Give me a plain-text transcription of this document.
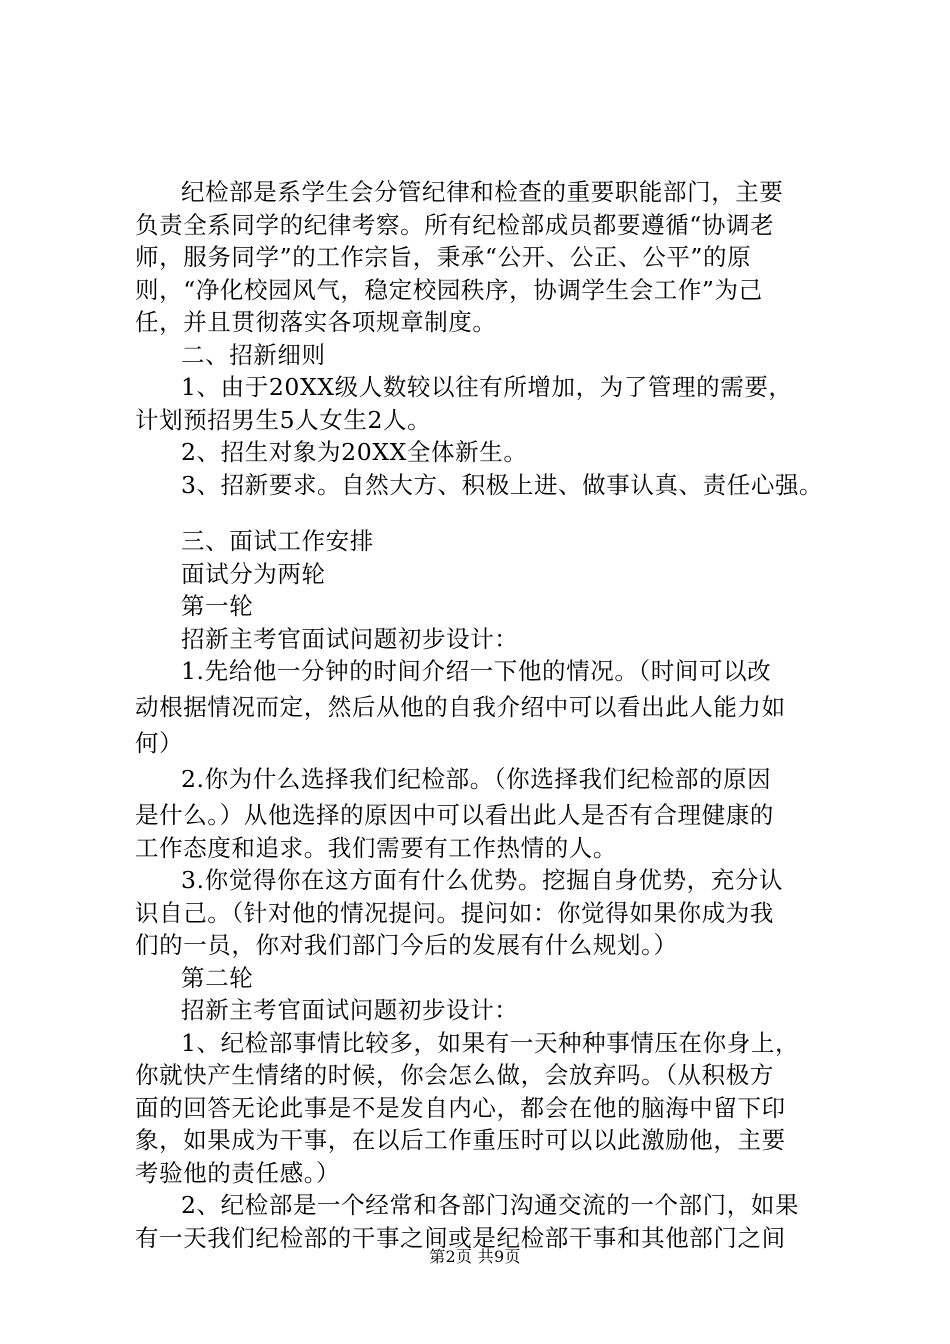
纪检部是系学生会分管纪律和检查的重要职能部门，主要
负责全系同学的纪律考察。所有纪检部成员都要遵循“协调老
师，服务同学”的工作宗旨，秉承“公开、公正、公平”的原
则，“净化校园风气，稳定校园秩序，协调学生会工作”为己
任，并且贯彻落实各项规章制度。
二、招新细则
1、由于20XX级人数较以往有所增加，为了管理的需要，
计划预招男生5人女生2人。
2、招生对象为20XX全体新生。
3、招新要求。自然大方、积极上进、做事认真、责任心强。
三、面试工作安排
面试分为两轮
第一轮
招新主考官面试问题初步设计：
1.先给他一分钟的时间介绍一下他的情况。（时间可以改
动根据情况而定，然后从他的自我介绍中可以看出此人能力如
何）
2.你为什么选择我们纪检部。（你选择我们纪检部的原因
是什么。）从他选择的原因中可以看出此人是否有合理健康的
工作态度和追求。我们需要有工作热情的人。
3.你觉得你在这方面有什么优势。挖掘自身优势，充分认
识自己。（针对他的情况提问。提问如：你觉得如果你成为我
们的一员，你对我们部门今后的发展有什么规划。）
第二轮
招新主考官面试问题初步设计：
1、纪检部事情比较多，如果有一天种种事情压在你身上，
你就快产生情绪的时候，你会怎么做，会放弃吗。（从积极方
面的回答无论此事是不是发自内心，都会在他的脑海中留下印
象，如果成为干事，在以后工作重压时可以以此激励他，主要
考验他的责任感。）
2、纪检部是一个经常和各部门沟通交流的一个部门，如果
有一天我们纪检部的干事之间或是纪检部干事和其他部门之间
第2页 共9页
